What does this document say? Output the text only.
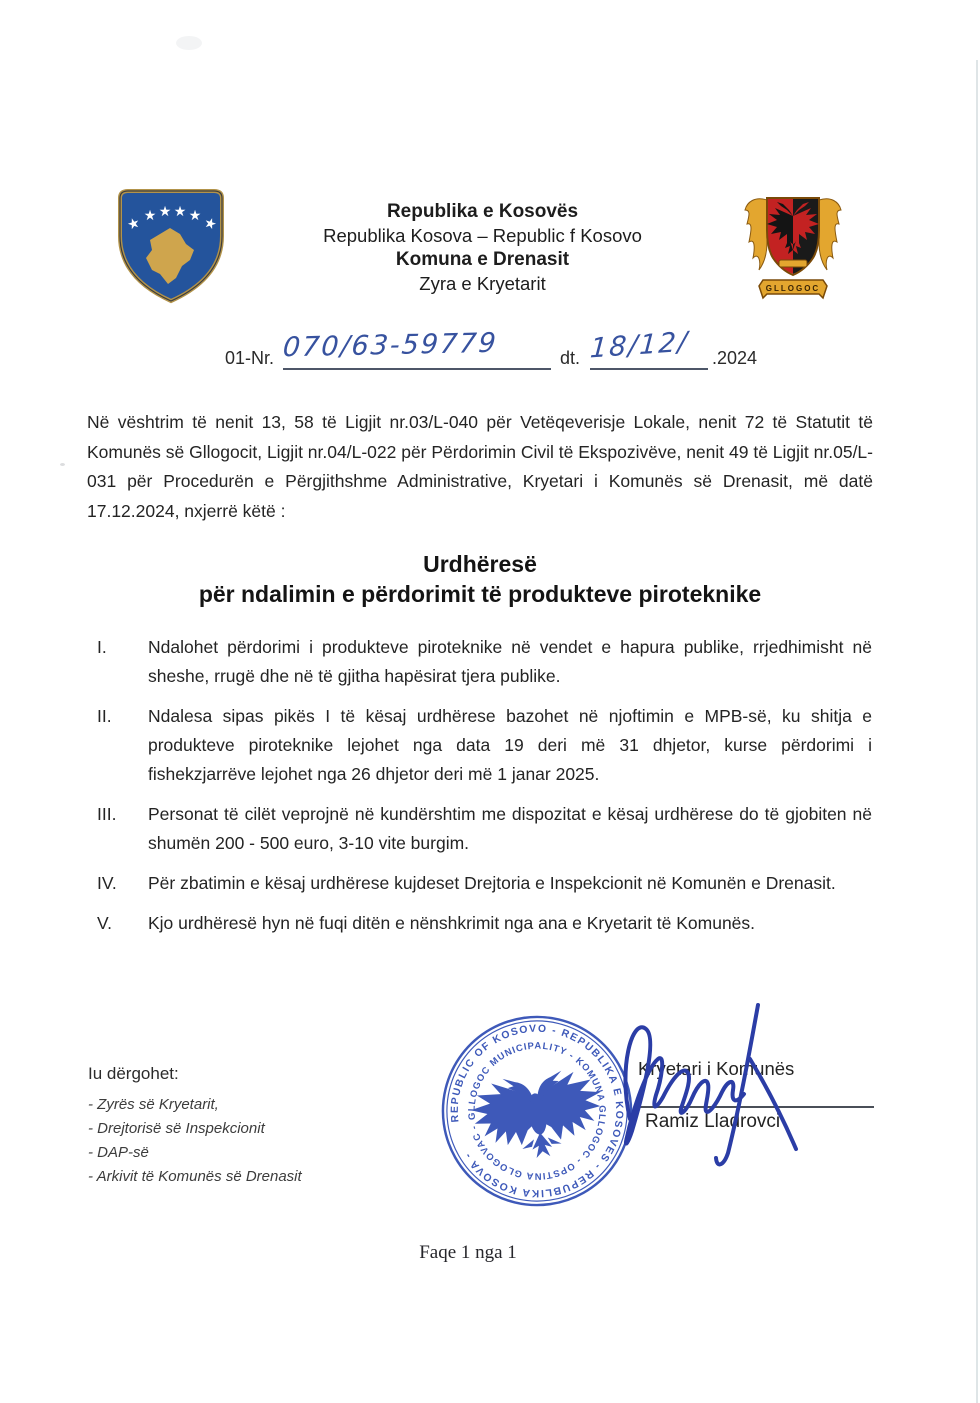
★ ★ ★ ★ ★ ★
GLLOGOC
Republika e Kosovës
Republika Kosova – Republic f Kosovo
Komuna e Drenasit
Zyra e Kryetarit
01-Nr. 070/63-59779	dt. 18/12/	.2024

Në vështrim të nenit 13, 58 të Ligjit nr.03/L-040 për Vetëqeverisje Lokale, nenit 72 të Statutit të Komunës së Gllogocit, Ligjit nr.04/L-022 për Përdorimin Civil të Ekspozivëve, nenit 49 të Ligjit nr.05/L-031 për Procedurën e Përgjithshme Administrative, Kryetari i Komunës së Drenasit, më datë 17.12.2024, nxjerrë këtë :

Urdhëresë
për ndalimin e përdorimit të produkteve piroteknike
I.	Ndalohet përdorimi i produkteve piroteknike në vendet e hapura publike, rrjedhimisht në sheshe, rrugë dhe në të gjitha hapësirat tjera publike.
II.	Ndalesa sipas pikës I të kësaj urdhërese bazohet në njoftimin e MPB-së, ku shitja e produkteve piroteknike lejohet nga data 19 deri më 31 dhjetor, kurse përdorimi i fishekzjarrëve lejohet nga 26 dhjetor deri më 1 janar 2025.
III.	Personat të cilët veprojnë në kundërshtim me dispozitat e kësaj urdhërese do të gjobiten në shumën 200 - 500 euro, 3-10 vite burgim.
IV.	Për zbatimin e kësaj urdhërese kujdeset Drejtoria e Inspekcionit në Komunën e Drenasit.
V.	Kjo urdhëresë hyn në fuqi ditën e nënshkrimit nga ana e Kryetarit të Komunës.
Iu dërgohet:
- Zyrës së Kryetarit,
- Drejtorisë së Inspekcionit
- DAP-së
- Arkivit të Komunës së Drenasit
REPUBLIC OF KOSOVO - REPUBLIKA E KOSOVES - REPUBLIKA KOSOVA -
GLLOGOC MUNICIPALITY - KOMUNA GLLOGOC - OPSTINA GLOGOVAC -
Kryetari i Komunës
Ramiz Lladrovci
Faqe 1 nga 1
